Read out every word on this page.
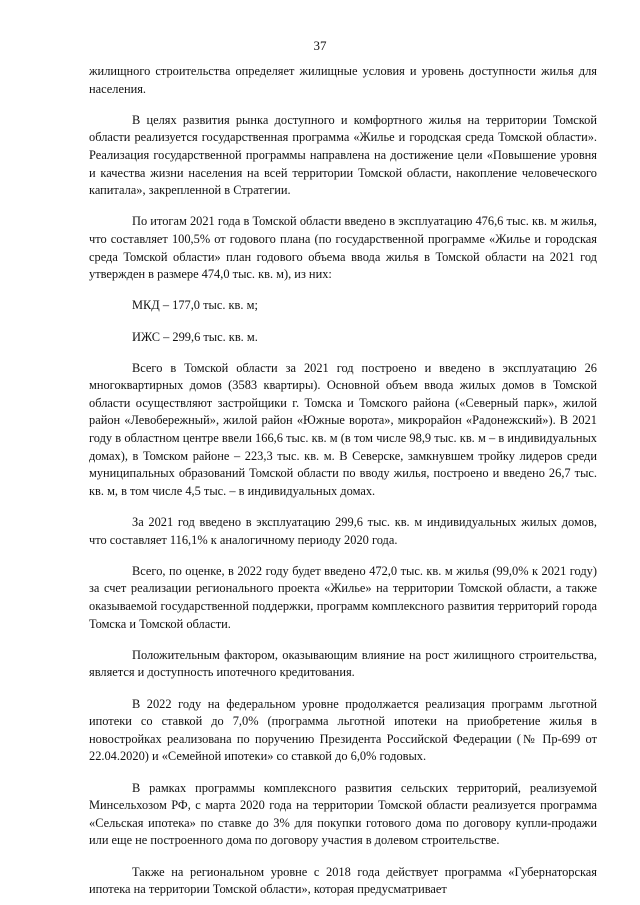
37

жилищного строительства определяет жилищные условия и уровень доступности жилья для населения.

В целях развития рынка доступного и комфортного жилья на территории Томской области реализуется государственная программа «Жилье и городская среда Томской области». Реализация государственной программы направлена на достижение цели «Повышение уровня и качества жизни населения на всей территории Томской области, накопление человеческого капитала», закрепленной в Стратегии.

По итогам 2021 года в Томской области введено в эксплуатацию 476,6 тыс. кв. м жилья, что составляет 100,5% от годового плана (по государственной программе «Жилье и городская среда Томской области» план годового объема ввода жилья в Томской области на 2021 год утвержден в размере 474,0 тыс. кв. м), из них:

МКД – 177,0 тыс. кв. м;

ИЖС – 299,6 тыс. кв. м.

Всего в Томской области за 2021 год построено и введено в эксплуатацию 26 многоквартирных домов (3583 квартиры). Основной объем ввода жилых домов в Томской области осуществляют застройщики г. Томска и Томского района («Северный парк», жилой район «Левобережный», жилой район «Южные ворота», микрорайон «Радонежский»). В 2021 году в областном центре ввели 166,6 тыс. кв. м (в том числе 98,9 тыс. кв. м – в индивидуальных домах), в Томском районе – 223,3 тыс. кв. м. В Северске, замкнувшем тройку лидеров среди муниципальных образований Томской области по вводу жилья, построено и введено 26,7 тыс. кв. м, в том числе 4,5 тыс. – в индивидуальных домах.

За 2021 год введено в эксплуатацию 299,6 тыс. кв. м индивидуальных жилых домов, что составляет 116,1% к аналогичному периоду 2020 года.

Всего, по оценке, в 2022 году будет введено 472,0 тыс. кв. м жилья (99,0% к 2021 году) за счет реализации регионального проекта «Жилье» на территории Томской области, а также оказываемой государственной поддержки, программ комплексного развития территорий города Томска и Томской области.

Положительным фактором, оказывающим влияние на рост жилищного строительства, является и доступность ипотечного кредитования.

В 2022 году на федеральном уровне продолжается реализация программ льготной ипотеки со ставкой до 7,0% (программа льготной ипотеки на приобретение жилья в новостройках реализована по поручению Президента Российской Федерации (№ Пр-699 от 22.04.2020) и «Семейной ипотеки» со ставкой до 6,0% годовых.

В рамках программы комплексного развития сельских территорий, реализуемой Минсельхозом РФ, с марта 2020 года на территории Томской области реализуется программа «Сельская ипотека» по ставке до 3% для покупки готового дома по договору купли-продажи или еще не построенного дома по договору участия в долевом строительстве.

Также на региональном уровне с 2018 года действует программа «Губернаторская ипотека на территории Томской области», которая предусматривает
